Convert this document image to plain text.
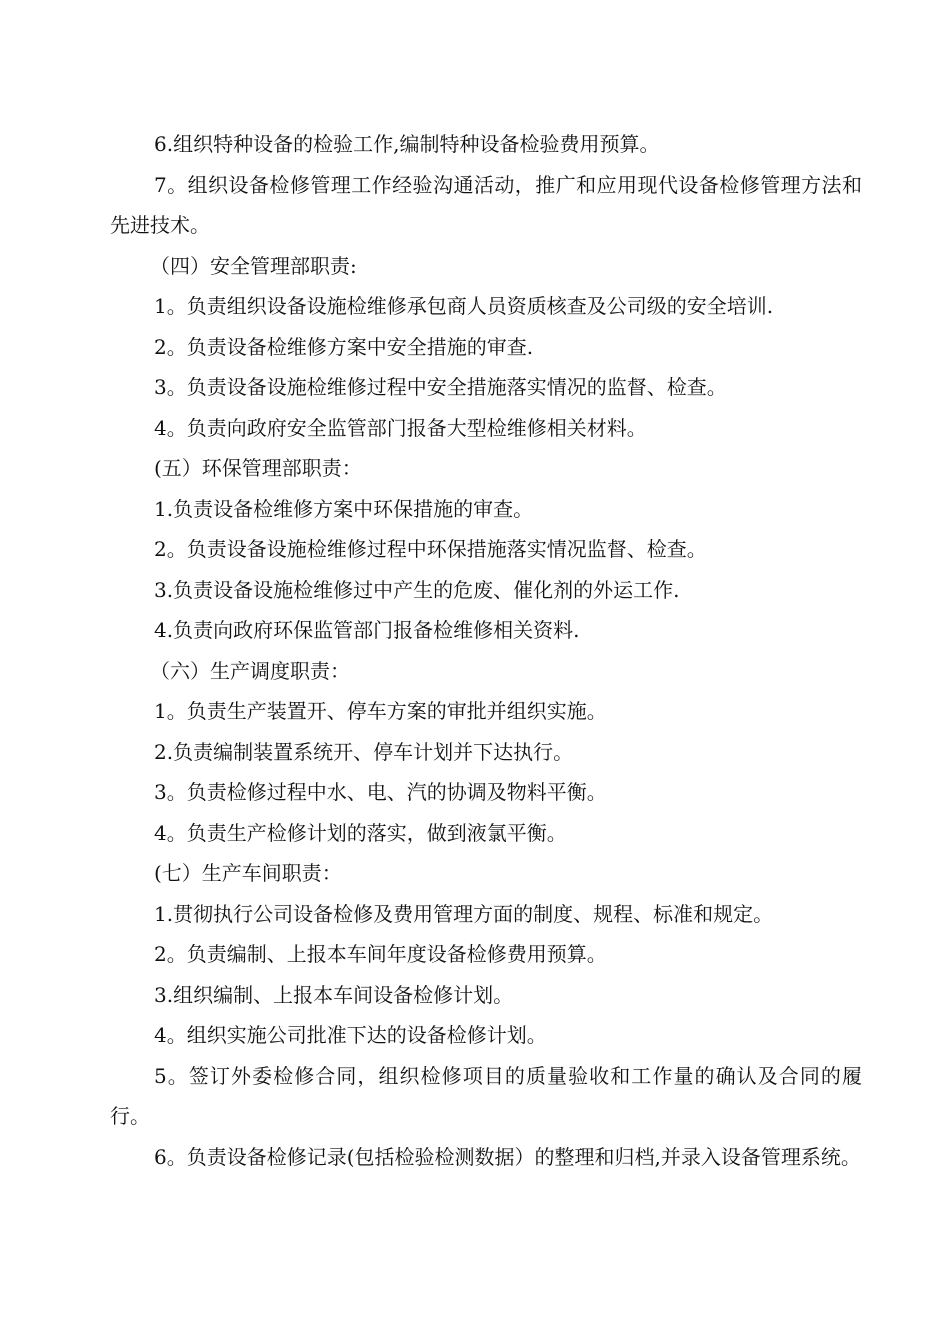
6.组织特种设备的检验工作,编制特种设备检验费用预算。

7。组织设备检修管理工作经验沟通活动，推广和应用现代设备检修管理方法和先进技术。

（四）安全管理部职责:

1。负责组织设备设施检维修承包商人员资质核查及公司级的安全培训.

2。负责设备检维修方案中安全措施的审查.

3。负责设备设施检维修过程中安全措施落实情况的监督、检查。

4。负责向政府安全监管部门报备大型检维修相关材料。

(五）环保管理部职责：

1.负责设备检维修方案中环保措施的审查。

2。负责设备设施检维修过程中环保措施落实情况监督、检查。

3.负责设备设施检维修过中产生的危废、催化剂的外运工作.

4.负责向政府环保监管部门报备检维修相关资料.

（六）生产调度职责：

1。负责生产装置开、停车方案的审批并组织实施。

2.负责编制装置系统开、停车计划并下达执行。

3。负责检修过程中水、电、汽的协调及物料平衡。

4。负责生产检修计划的落实，做到液氯平衡。

(七）生产车间职责：

1.贯彻执行公司设备检修及费用管理方面的制度、规程、标准和规定。

2。负责编制、上报本车间年度设备检修费用预算。

3.组织编制、上报本车间设备检修计划。

4。组织实施公司批准下达的设备检修计划。

5。签订外委检修合同，组织检修项目的质量验收和工作量的确认及合同的履行。

6。负责设备检修记录(包括检验检测数据）的整理和归档,并录入设备管理系统。
